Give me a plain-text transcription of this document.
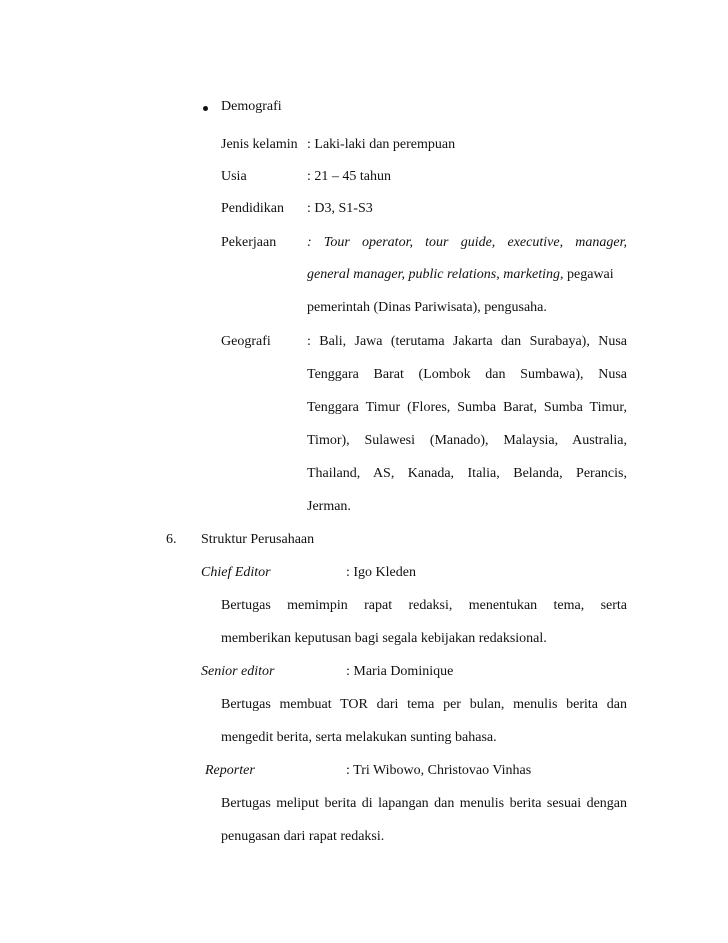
Demografi
Jenis kelamin : Laki-laki dan perempuan
Usia	: 21 – 45 tahun
Pendidikan : D3, S1-S3
Pekerjaan : Tour operator, tour guide, executive, manager,
general manager, public relations, marketing, pegawai
pemerintah (Dinas Pariwisata), pengusaha.
Geografi	: Bali, Jawa (terutama Jakarta dan Surabaya), Nusa
Tenggara Barat (Lombok dan Sumbawa), Nusa
Tenggara Timur (Flores, Sumba Barat, Sumba Timur,
Timor), Sulawesi (Manado), Malaysia, Australia,
Thailand, AS, Kanada, Italia, Belanda, Perancis,
Jerman.
6. Struktur Perusahaan
Chief Editor	: Igo Kleden
Bertugas memimpin rapat redaksi, menentukan tema, serta
memberikan keputusan bagi segala kebijakan redaksional.
Senior editor	: Maria Dominique
Bertugas membuat TOR dari tema per bulan, menulis berita dan
mengedit berita, serta melakukan sunting bahasa.
Reporter	: Tri Wibowo, Christovao Vinhas
Bertugas meliput berita di lapangan dan menulis berita sesuai dengan
penugasan dari rapat redaksi.
